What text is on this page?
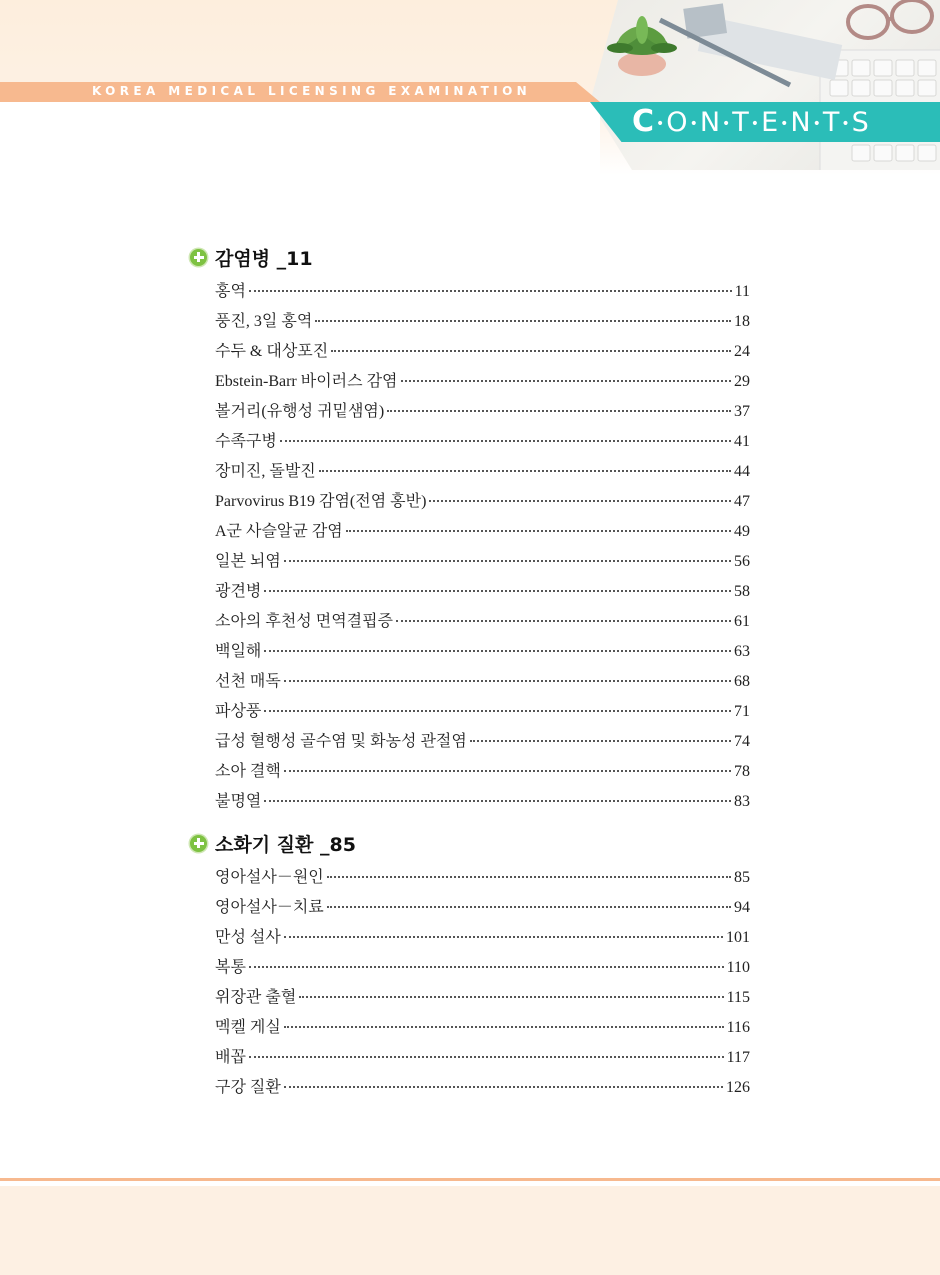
KOREA MEDICAL LICENSING EXAMINATION
C•O•N•T•E•N•T•S
감염병 _11
홍역	11
풍진, 3일 홍역	18
수두 & 대상포진	24
Ebstein-Barr 바이러스 감염	29
볼거리(유행성 귀밑샘염)	37
수족구병	41
장미진, 돌발진	44
Parvovirus B19 감염(전염 홍반)	47
A군 사슬알균 감염	49
일본 뇌염	56
광견병	58
소아의 후천성 면역결핍증	61
백일해	63
선천 매독	68
파상풍	71
급성 혈행성 골수염 및 화농성 관절염	74
소아 결핵	78
불명열	83
소화기 질환 _85
영아설사－원인	85
영아설사－치료	94
만성 설사	101
복통	110
위장관 출혈	115
멕켈 게실	116
배꼽	117
구강 질환	126
